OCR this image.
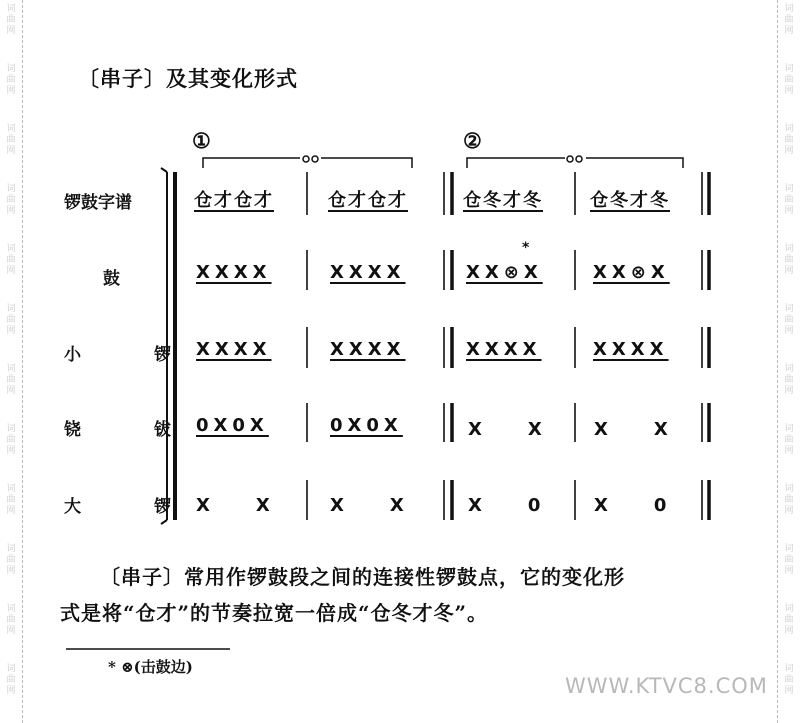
词
曲
网
词
曲
网
词
曲
网
词
曲
网
词
曲
网
词
曲
网
词
曲
网
词
曲
网
词
曲
网
词
曲
网
词
曲
网
词
曲
网
词
曲
网
词
曲
网
词
曲
网
词
曲
网
词
曲
网
词
曲
网
词
曲
网
词
曲
网
词
曲
网
词
曲
网
词
曲
网
词
曲
网
〔串子〕及其变化形式
①	②
锣鼓字谱
鼓
小　锣
铙　钹
大　锣
仓才仓才	仓才仓才	仓冬才冬	仓冬才冬
*
XXXX	XXXX	XX⊗X	XX⊗X
XXXX	XXXX	XXXX	XXXX
0X0X	0X0X	X　X X　X
X　X	X　X	X　0 X　0
〔串子〕常用作锣鼓段之间的连接性锣鼓点，它的变化形
式是将“仓才”的节奏拉宽一倍成“仓冬才冬”。
* ⊗(击鼓边)
WWW.KTVC8.COM
